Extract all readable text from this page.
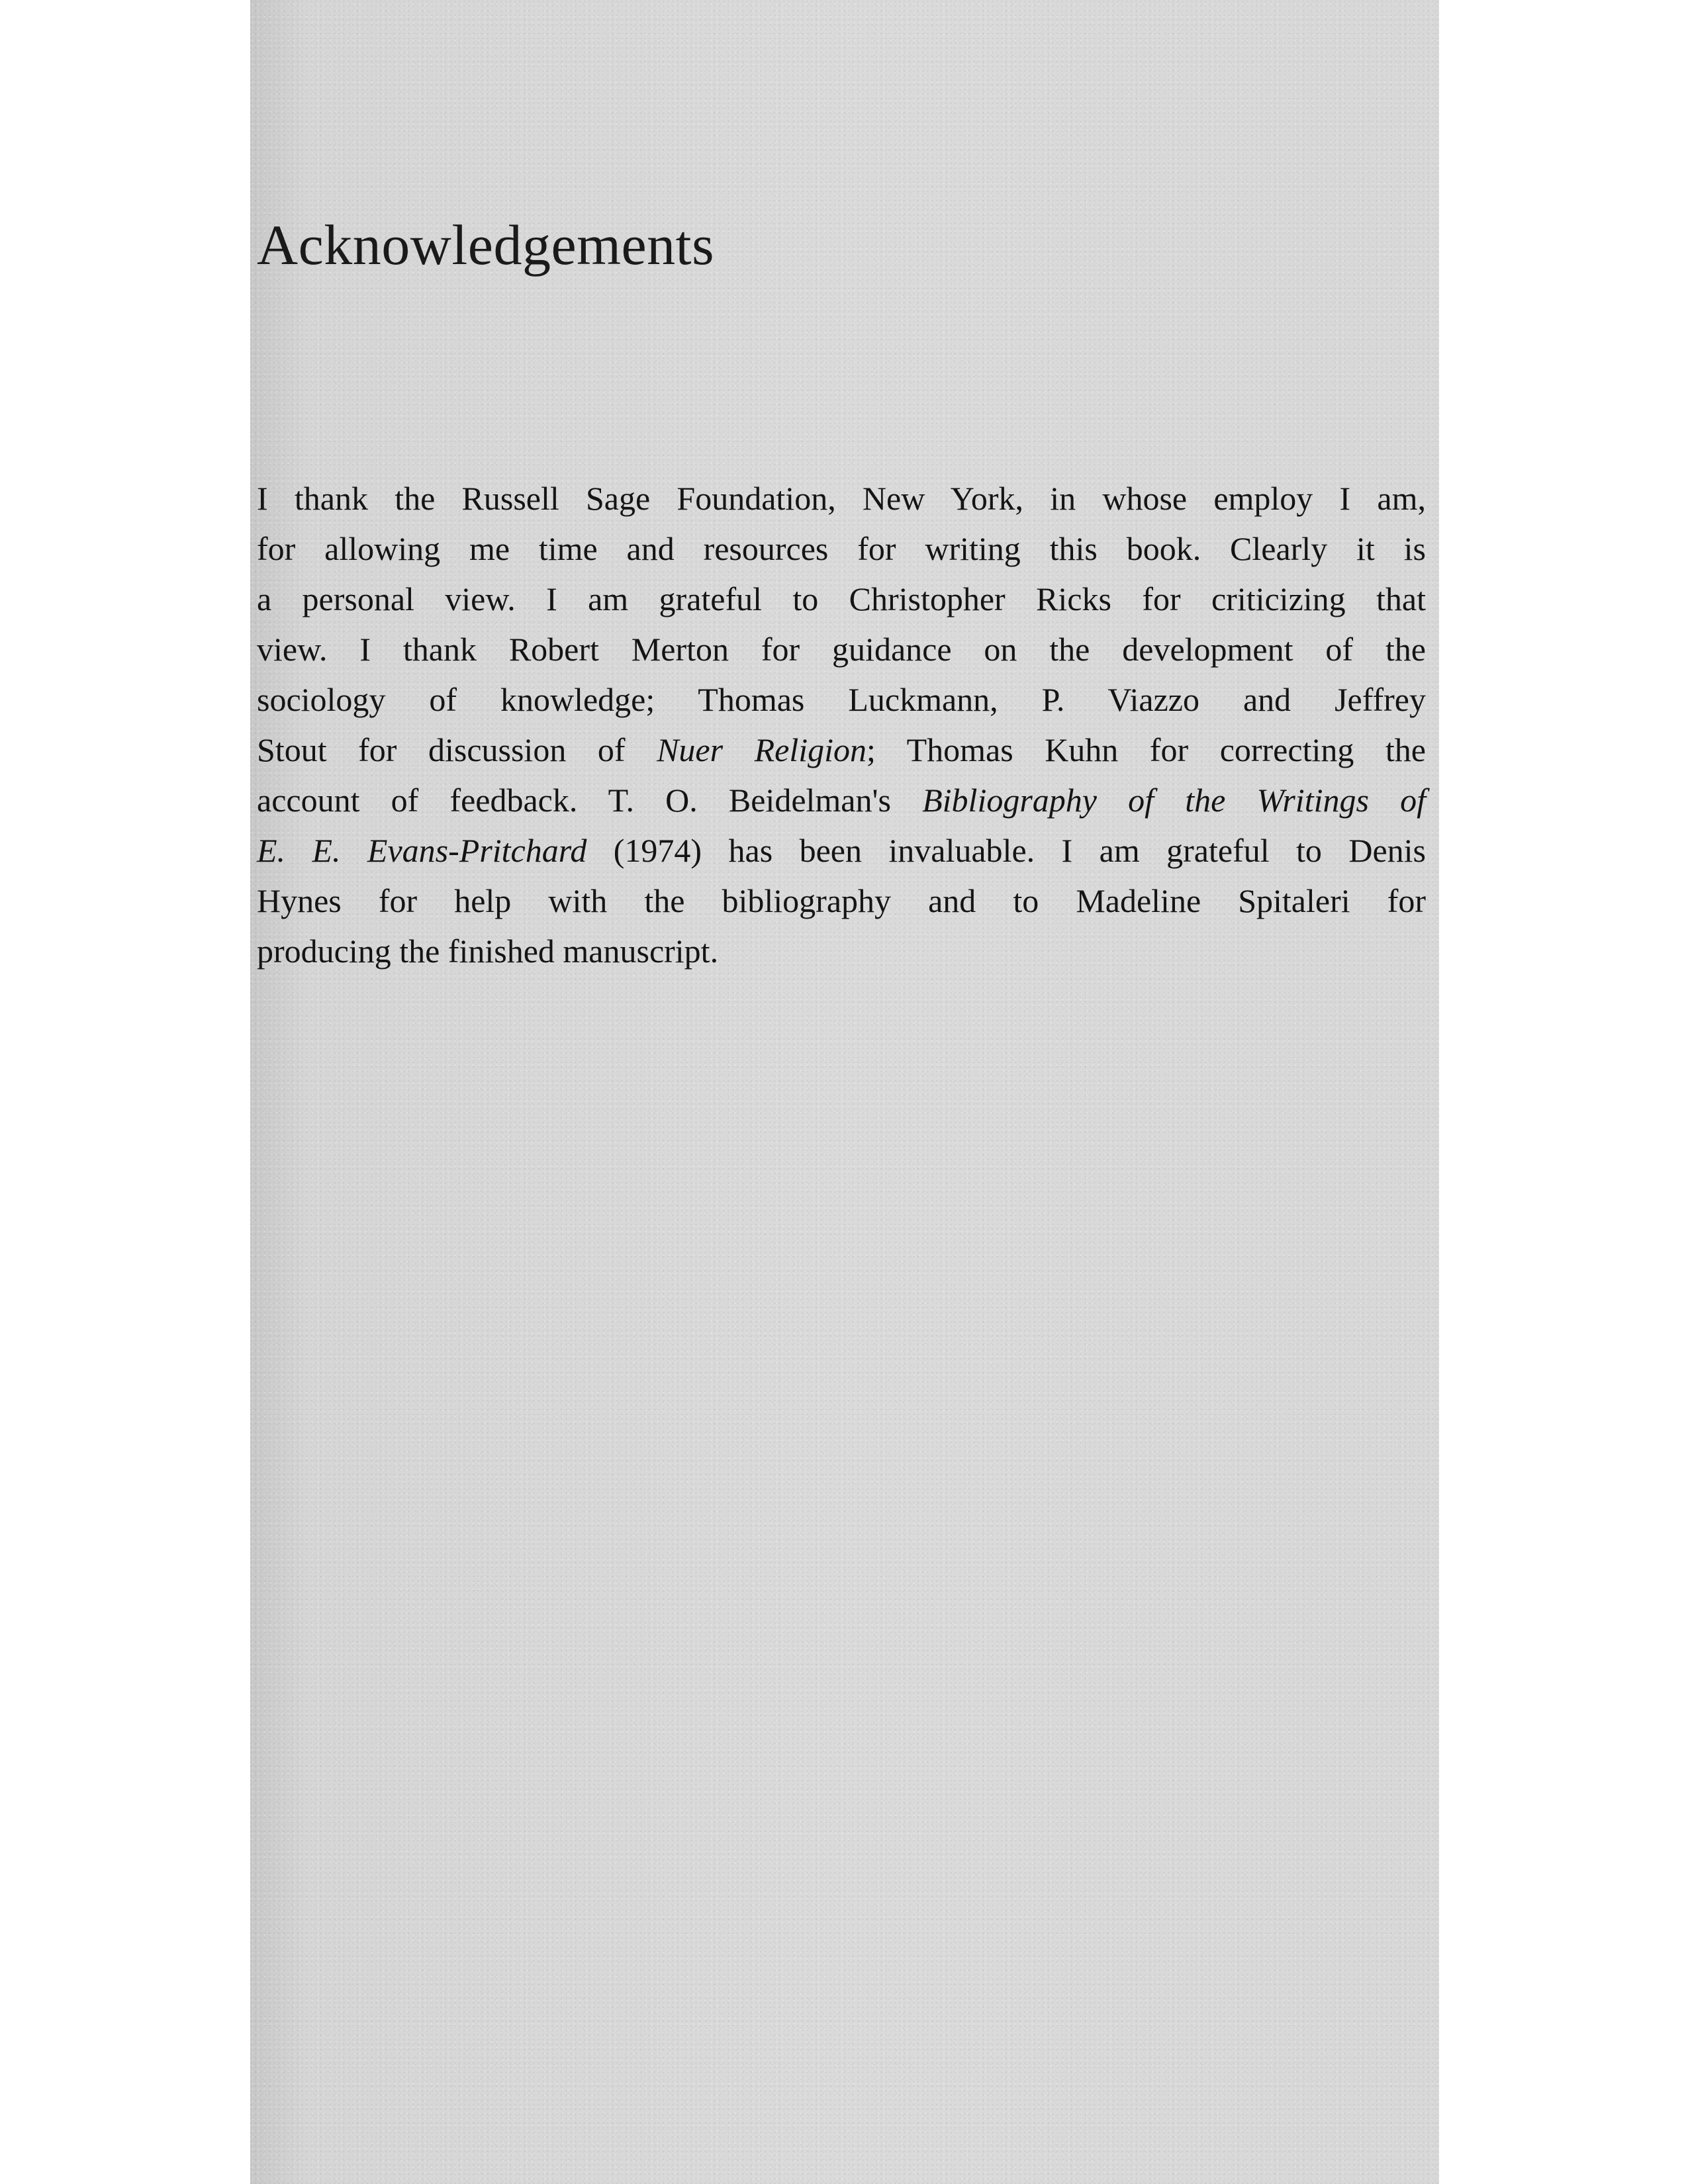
Acknowledgements
I thank the Russell Sage Foundation, New York, in whose employ I am,
for allowing me time and resources for writing this book. Clearly it is
a personal view. I am grateful to Christopher Ricks for criticizing that
view. I thank Robert Merton for guidance on the development of the
sociology of knowledge; Thomas Luckmann, P. Viazzo and Jeffrey
Stout for discussion of Nuer Religion; Thomas Kuhn for correcting the
account of feedback. T. O. Beidelman's Bibliography of the Writings of
E. E. Evans-Pritchard (1974) has been invaluable. I am grateful to Denis
Hynes for help with the bibliography and to Madeline Spitaleri for
producing the finished manuscript.
